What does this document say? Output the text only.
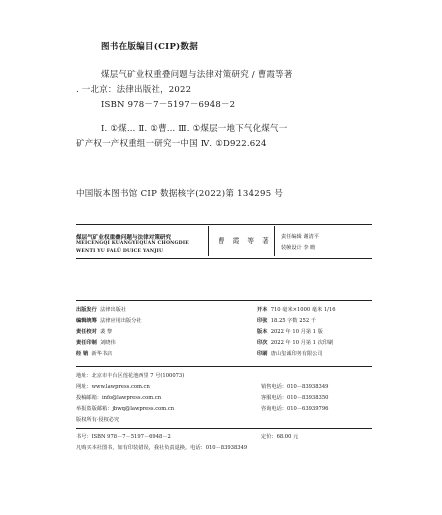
图书在版编目(CIP)数据
煤层气矿业权重叠问题与法律对策研究 / 曹霞等著
. 一北京：法律出版社，2022
ISBN 978－7－5197－6948－2
Ⅰ. ①煤… Ⅱ. ①曹… Ⅲ. ①煤层一地下气化煤气一
矿产权一产权重组一研究一中国 Ⅳ. ①D922.624
中国版本图书馆 CIP 数据核字(2022)第 134295 号
煤层气矿业权重叠问题与法律对策研究
MEICENGQI KUANGYEQUAN CHONGDIE
WENTI YU FALÜ DUICE YANJIU
曹 霞 等 著 责任编辑 谢清平
装帧设计 李 瞻
出版发行 法律出版社
编辑统筹 法律应用出版分社
责任校对 裴 黎
责任印制 刘晓伟
经 销 新华书店
开本 710 毫米×1000 毫米 1/16
印张 18.25 字数 252 千
版本 2022 年 10 月第 1 版
印次 2022 年 10 月第 1 次印刷
印刷 唐山玺诚印务有限公司
地址：北京市丰台区莲花池西里 7 号(100073)
网址：www.lawpress.com.cn
投稿邮箱：info@lawpress.com.cn
举报盗版邮箱：jbwq@lawpress.com.cn
版权所有·侵权必究
销售电话：010－83938349
客服电话：010－83938350
咨询电话：010－63939796
书号：ISBN 978－7－5197－6948－2	定价：68.00 元
凡购买本社图书，如有印装错误，我社负责退换。电话：010－83938349
